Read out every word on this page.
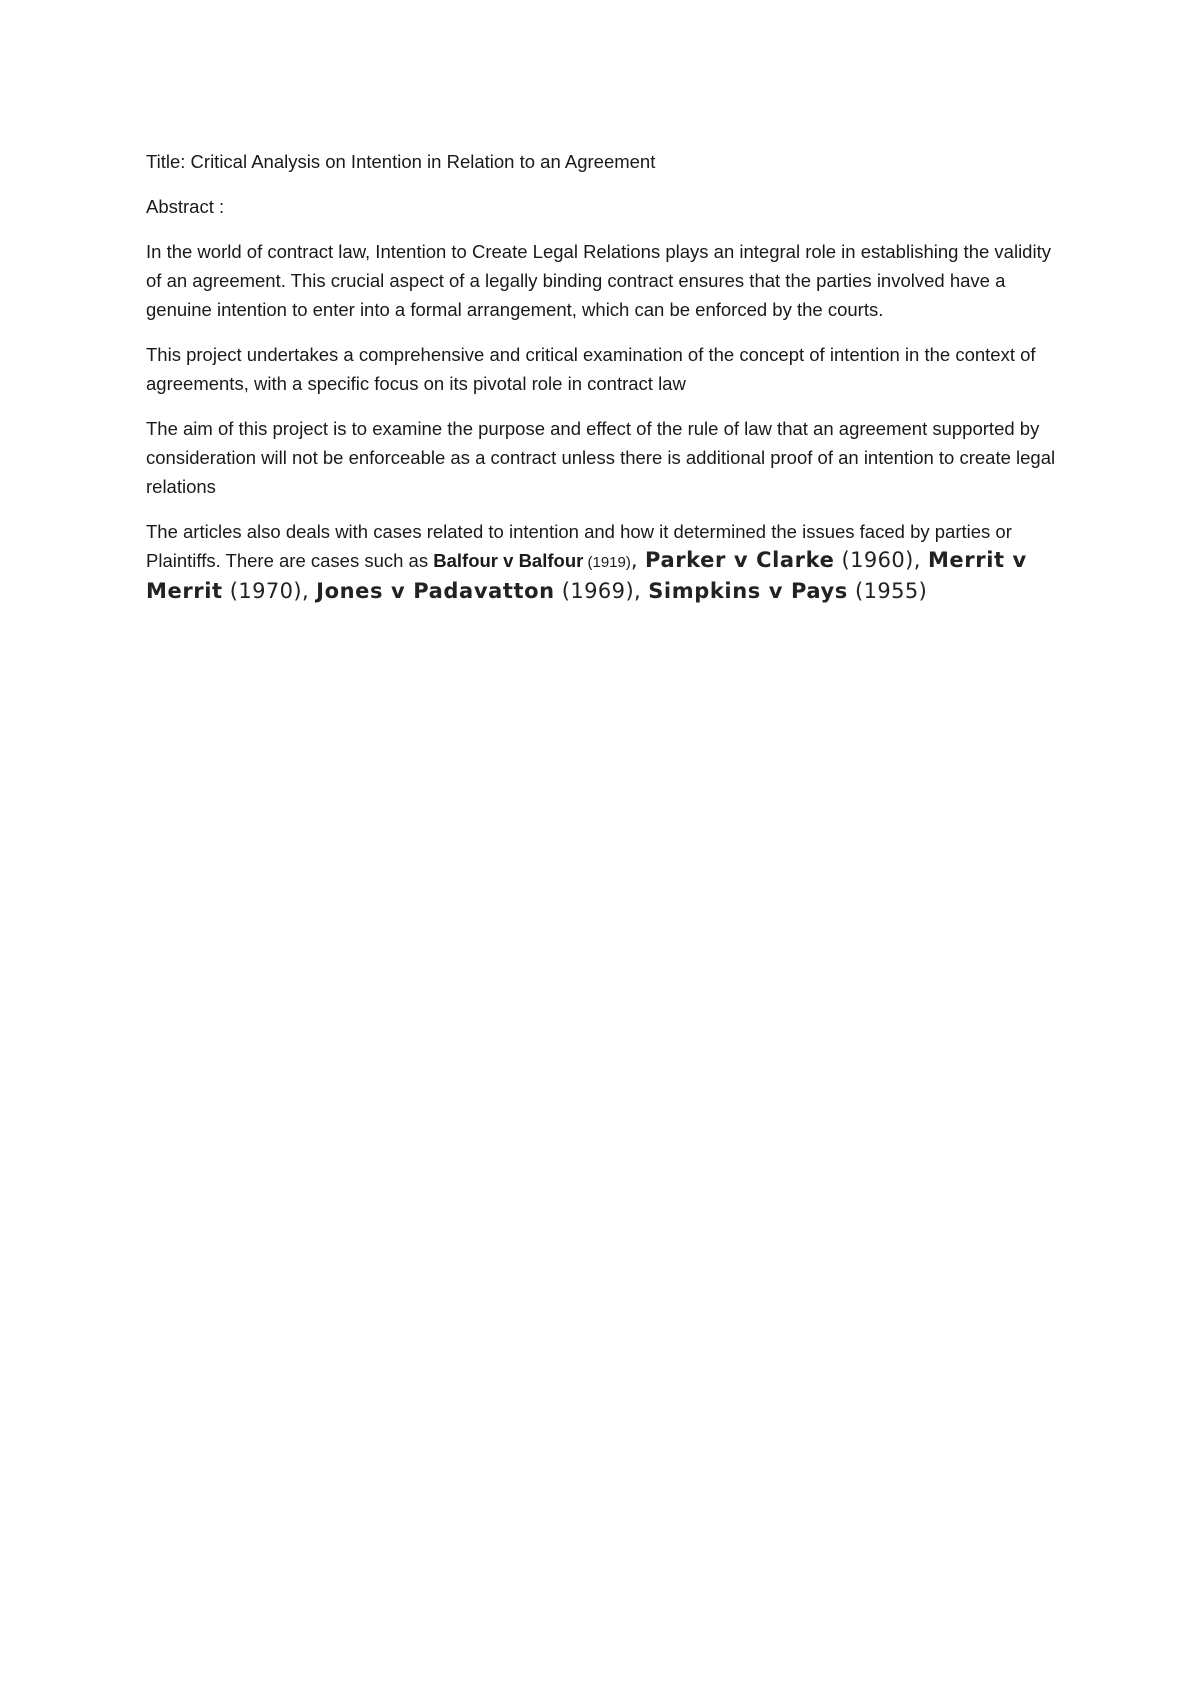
Title: Critical Analysis on Intention in Relation to an Agreement

Abstract :

In the world of contract law, Intention to Create Legal Relations plays an integral role in establishing the validity of an agreement. This crucial aspect of a legally binding contract ensures that the parties involved have a genuine intention to enter into a formal arrangement, which can be enforced by the courts.

This project undertakes a comprehensive and critical examination of the concept of intention in the context of agreements, with a specific focus on its pivotal role in contract law

The aim of this project is to examine the purpose and effect of the rule of law that an agreement supported by consideration will not be enforceable as a contract unless there is additional proof of an intention to create legal relations

The articles also deals with cases related to intention and how it determined the issues faced by parties or Plaintiffs. There are cases such as Balfour v Balfour (1919), Parker v Clarke (1960), Merrit v Merrit (1970), Jones v Padavatton (1969), Simpkins v Pays (1955)
